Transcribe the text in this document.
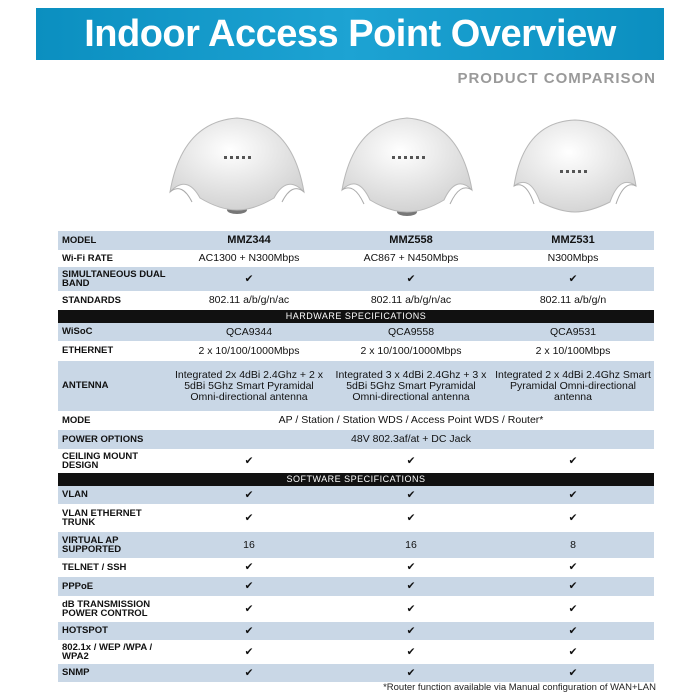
Indoor Access Point Overview
PRODUCT COMPARISON
MODEL	MMZ344	MMZ558	MMZ531
Wi-Fi RATE	AC1300 + N300Mbps	AC867 + N450Mbps	N300Mbps
SIMULTANEOUS DUAL BAND	✔	✔	✔
STANDARDS	802.11 a/b/g/n/ac	802.11 a/b/g/n/ac	802.11 a/b/g/n
HARDWARE SPECIFICATIONS			
WiSoC	QCA9344	QCA9558	QCA9531
ETHERNET	2 x 10/100/1000Mbps	2 x 10/100/1000Mbps	2 x 10/100Mbps
ANTENNA	Integrated 2x 4dBi 2.4Ghz + 2 x 5dBi 5Ghz Smart Pyramidal Omni-directional antenna	Integrated 3 x 4dBi 2.4Ghz + 3 x 5dBi 5Ghz Smart Pyramidal Omni-directional antenna	Integrated 2 x 4dBi 2.4Ghz Smart Pyramidal Omni-directional antenna
MODE	AP / Station / Station WDS / Access Point WDS / Router*		
POWER OPTIONS	48V 802.3af/at + DC Jack		
CEILING MOUNT DESIGN	✔	✔	✔
SOFTWARE SPECIFICATIONS			
VLAN	✔	✔	✔
VLAN ETHERNET TRUNK	✔	✔	✔
VIRTUAL AP SUPPORTED	16	16	8
TELNET / SSH	✔	✔	✔
PPPoE	✔	✔	✔
dB TRANSMISSION POWER CONTROL	✔	✔	✔
HOTSPOT	✔	✔	✔
802.1x / WEP /WPA / WPA2	✔	✔	✔
SNMP	✔	✔	✔
*Router function available via Manual configuration of WAN+LAN
